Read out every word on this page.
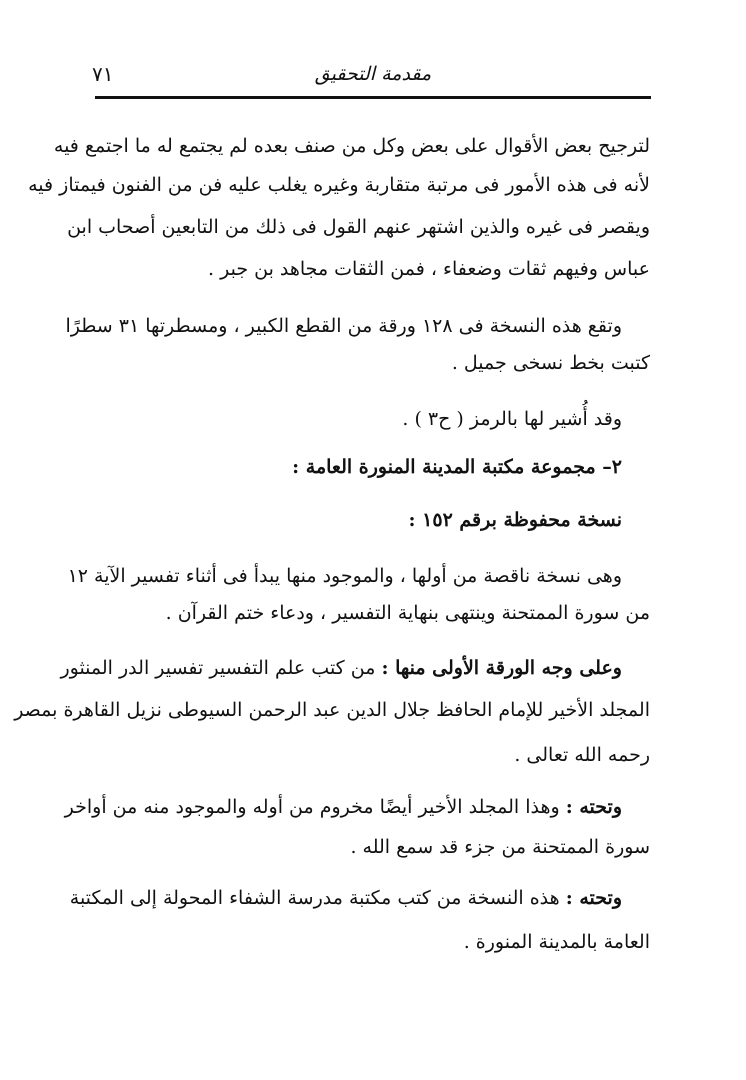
مقدمة التحقيق
٧١
لترجيح بعض الأقوال على بعض وكل من صنف بعده لم يجتمع له ما اجتمع فيه
لأنه فى هذه الأمور فى مرتبة متقاربة وغيره يغلب عليه فن من الفنون فيمتاز فيه
ويقصر فى غيره والذين اشتهر عنهم القول فى ذلك من التابعين أصحاب ابن
عباس وفيهم ثقات وضعفاء ، فمن الثقات مجاهد بن جبر .
وتقع هذه النسخة فى ١٢٨ ورقة من القطع الكبير ، ومسطرتها ٣١ سطرًا
كتبت بخط نسخى جميل .
وقد أُشير لها بالرمز ( ح٣ ) .
٢– مجموعة مكتبة المدينة المنورة العامة :
نسخة محفوظة برقم ١٥٢ :
وهى نسخة ناقصة من أولها ، والموجود منها يبدأ فى أثناء تفسير الآية ١٢
من سورة الممتحنة وينتهى بنهاية التفسير ، ودعاء ختم القرآن .
وعلى وجه الورقة الأولى منها : من كتب علم التفسير تفسير الدر المنثور
المجلد الأخير للإمام الحافظ جلال الدين عبد الرحمن السيوطى نزيل القاهرة بمصر
رحمه الله تعالى .
وتحته : وهذا المجلد الأخير أيضًا مخروم من أوله والموجود منه من أواخر
سورة الممتحنة من جزء قد سمع الله .
وتحته : هذه النسخة من كتب مكتبة مدرسة الشفاء المحولة إلى المكتبة
العامة بالمدينة المنورة .
